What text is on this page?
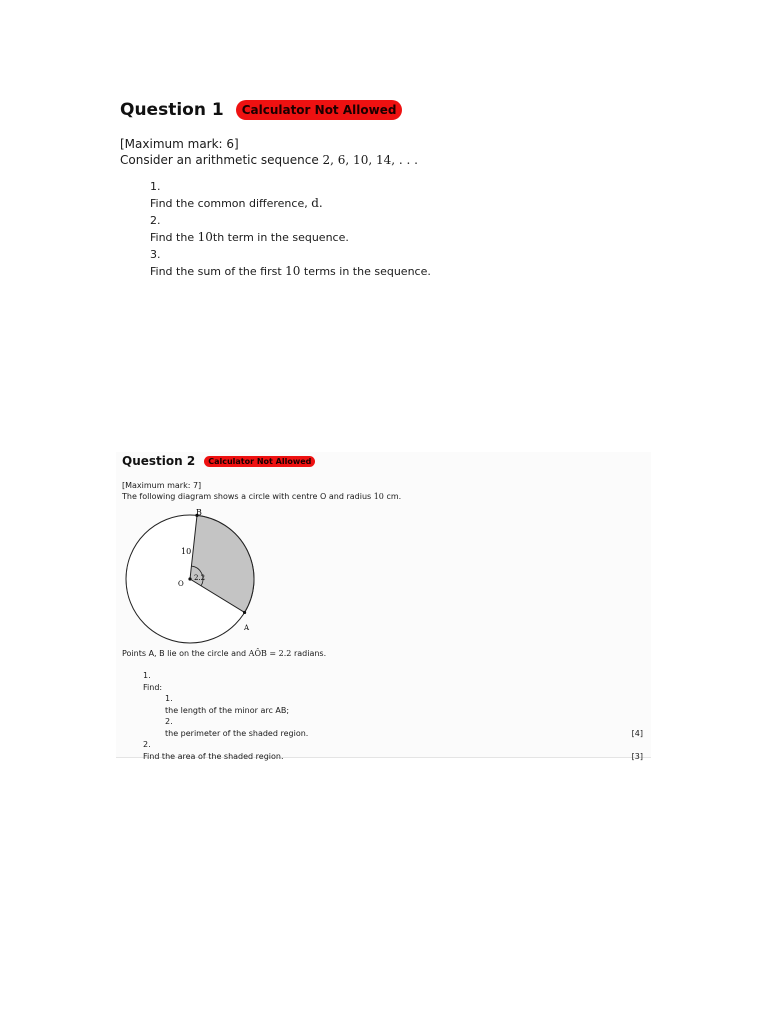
Question 1	Calculator Not Allowed
[Maximum mark: 6]
Consider an arithmetic sequence 2, 6, 10, 14, . . .
1.
Find the common difference, d.
2.
Find the 10th term in the sequence.
3.
Find the sum of the first 10 terms in the sequence.
Question 2	Calculator Not Allowed
[Maximum mark: 7]
The following diagram shows a circle with centre O and radius 10 cm.
B
A
O
10
2.2
Points A, B lie on the circle and AÔB = 2.2 radians.
1.
Find:
1.
the length of the minor arc AB;
2.
the perimeter of the shaded region.	[4]
2.
Find the area of the shaded region.	[3]
